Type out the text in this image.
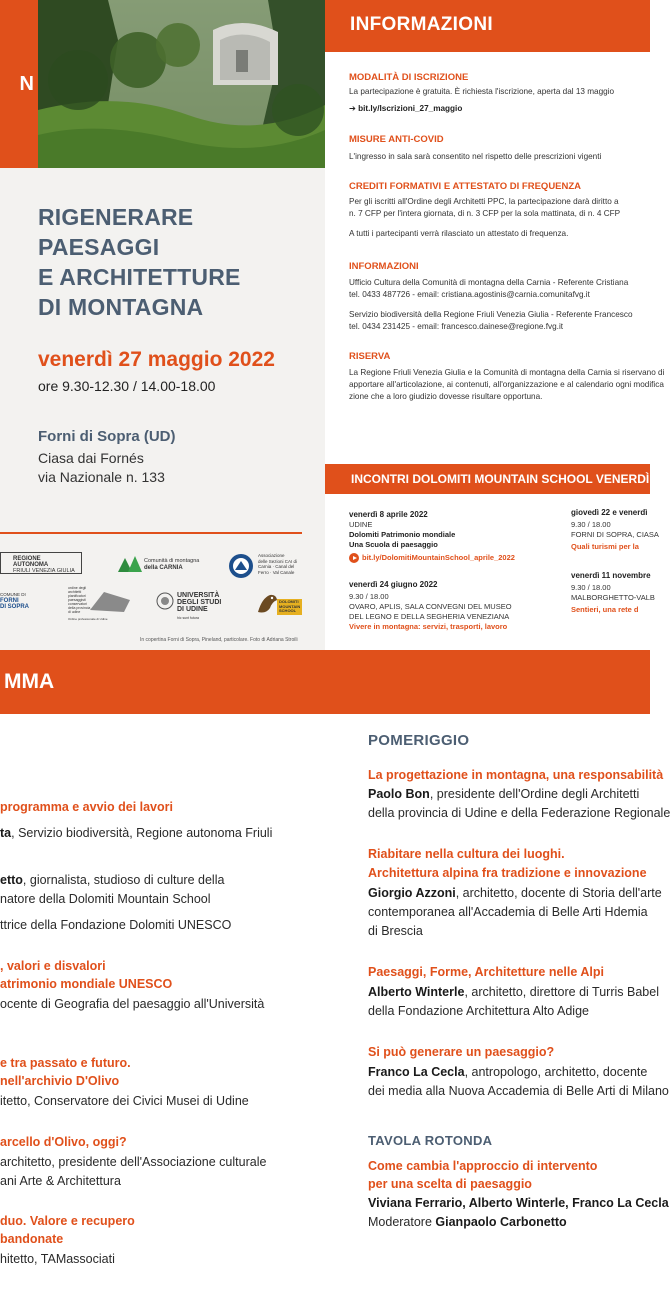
N
RIGENERARE
PAESAGGI
E ARCHITETTURE
DI MONTAGNA
venerdì 27 maggio 2022
ore 9.30-12.30 / 14.00-18.00
Forni di Sopra (UD)
Ciasa dai Fornés
via Nazionale n. 133
REGIONE AUTONOMA
FRIULI VENEZIA GIULIA
Comunità di montagna
della CARNIA
Associazione
delle Sezioni CAI di
Carnia · Canal del
Ferro · Val Canale
COMUNE DI
FORNI
DI SOPRA
ordine degli
architetti
pianificatori
paesaggisti
conservatori
della provincia
di udine
Ordine professionale di Udine
UNIVERSITÀ
DEGLI STUDI
DI UDINE
hic sunt futura
DOLOMITI
MOUNTAIN
SCHOOL
In copertina Forni di Sopra, Pineland, particolare. Foto di Adriana Stroili
INFORMAZIONI
MODALITÀ DI ISCRIZIONE
La partecipazione è gratuita. È richiesta l'iscrizione, aperta dal 13 maggio
➔ bit.ly/Iscrizioni_27_maggio
MISURE ANTI-COVID
L'ingresso in sala sarà consentito nel rispetto delle prescrizioni vigenti
CREDITI FORMATIVI E ATTESTATO DI FREQUENZA
Per gli iscritti all'Ordine degli Architetti PPC, la partecipazione darà diritto a
n. 7 CFP per l'intera giornata, di n. 3 CFP per la sola mattinata, di n. 4 CFP
A tutti i partecipanti verrà rilasciato un attestato di frequenza.
INFORMAZIONI
Ufficio Cultura della Comunità di montagna della Carnia - Referente Cristiana
tel. 0433 487726 - email: cristiana.agostinis@carnia.comunitafvg.it
Servizio biodiversità della Regione Friuli Venezia Giulia - Referente Francesco
tel. 0434 231425 - email: francesco.dainese@regione.fvg.it
RISERVA
La Regione Friuli Venezia Giulia e la Comunità di montagna della Carnia si riservano di
apportare all'articolazione, ai contenuti, all'organizzazione e al calendario ogni modifica
zione che a loro giudizio dovesse risultare opportuna.
INCONTRI DOLOMITI MOUNTAIN SCHOOL VENERDÌ
venerdì 8 aprile 2022
UDINE
Dolomiti Patrimonio mondiale
Una Scuola di paesaggio
bit.ly/DolomitiMountainSchool_aprile_2022
venerdì 24 giugno 2022
9.30 / 18.00
OVARO, APLIS, SALA CONVEGNI DEL MUSEO
DEL LEGNO E DELLA SEGHERIA VENEZIANA
Vivere in montagna: servizi, trasporti, lavoro
giovedì 22 e venerdì
9.30 / 18.00
FORNI DI SOPRA, CIASA
Quali turismi per la
venerdì 11 novembre
9.30 / 18.00
MALBORGHETTO-VALB
Sentieri, una rete d
MMA
programma e avvio dei lavori
ta, Servizio biodiversità, Regione autonoma Friuli
etto, giornalista, studioso di culture della
natore della Dolomiti Mountain School
ttrice della Fondazione Dolomiti UNESCO
, valori e disvalori
atrimonio mondiale UNESCO
ocente di Geografia del paesaggio all'Università
e tra passato e futuro.
nell'archivio D'Olivo
itetto, Conservatore dei Civici Musei di Udine
arcello d'Olivo, oggi?
architetto, presidente dell'Associazione culturale
ani Arte & Architettura
duo. Valore e recupero
bandonate
hitetto, TAMassociati
POMERIGGIO
La progettazione in montagna, una responsabilità
Paolo Bon, presidente dell'Ordine degli Architetti
della provincia di Udine e della Federazione Regionale
Riabitare nella cultura dei luoghi.
Architettura alpina fra tradizione e innovazione
Giorgio Azzoni, architetto, docente di Storia dell'arte
contemporanea all'Accademia di Belle Arti Hdemia
di Brescia
Paesaggi, Forme, Architetture nelle Alpi
Alberto Winterle, architetto, direttore di Turris Babel
della Fondazione Architettura Alto Adige
Si può generare un paesaggio?
Franco La Cecla, antropologo, architetto, docente
dei media alla Nuova Accademia di Belle Arti di Milano
TAVOLA ROTONDA
Come cambia l'approccio di intervento
per una scelta di paesaggio
Viviana Ferrario, Alberto Winterle, Franco La Cecla
Moderatore Gianpaolo Carbonetto
